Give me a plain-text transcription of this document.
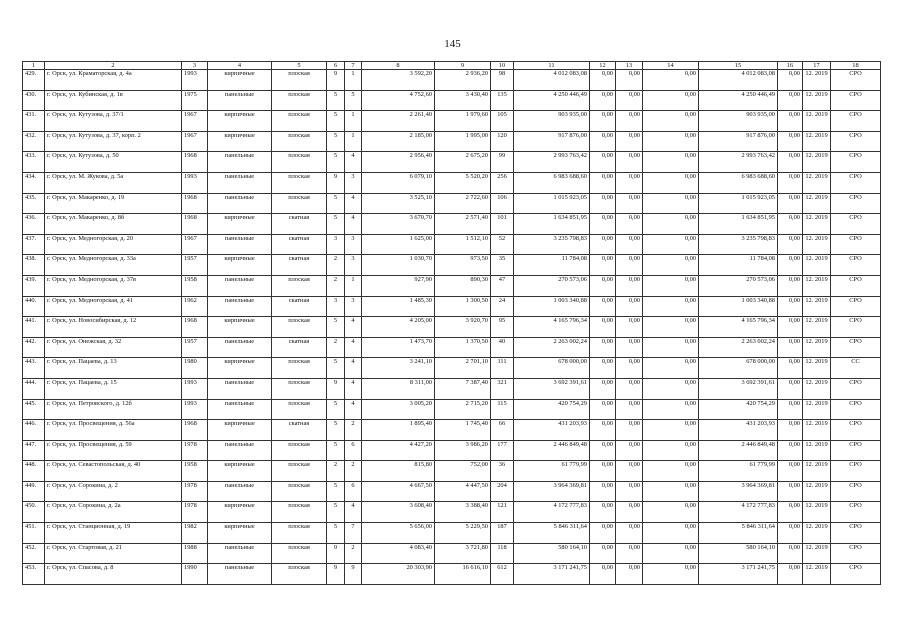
145
1	2	3	4	5	6	7	8	9	10	11	12	13	14	15	16	17	18
429.	г. Орск, ул. Краматорская, д. 4а	1993	кирпичные	плоская	9	1	3 592,20	2 936,20	98	4 012 083,08	0,00	0,00	0,00	4 012 083,08	0,00	12. 2019	СРО
430.	г. Орск, ул. Кубинская, д. 1в	1975	панельные	плоская	5	5	4 752,60	3 430,40	135	4 250 446,49	0,00	0,00	0,00	4 250 446,49	0,00	12. 2019	СРО
431.	г. Орск, ул. Кутузова, д. 37/1	1967	кирпичные	плоская	5	1	2 261,40	1 979,60	105	903 935,00	0,00	0,00	0,00	903 935,00	0,00	12. 2019	СРО
432.	г. Орск, ул. Кутузова, д. 37, корп. 2	1967	кирпичные	плоская	5	1	2 185,00	1 995,00	120	917 876,00	0,00	0,00	0,00	917 876,00	0,00	12. 2019	СРО
433.	г. Орск, ул. Кутузова, д. 50	1968	панельные	плоская	5	4	2 956,40	2 675,20	99	2 993 763,42	0,00	0,00	0,00	2 993 763,42	0,00	12. 2019	СРО
434.	г. Орск, ул. М. Жукова, д. 5а	1993	панельные	плоская	9	3	6 079,10	5 520,20	256	6 983 688,60	0,00	0,00	0,00	6 983 688,60	0,00	12. 2019	СРО
435.	г. Орск, ул. Макаренко, д. 19	1968	панельные	плоская	5	4	3 525,10	2 722,60	106	1 015 923,05	0,00	0,00	0,00	1 015 923,05	0,00	12. 2019	СРО
436.	г. Орск, ул. Макаренко, д. 8б	1968	кирпичные	скатная	5	4	3 670,70	2 571,40	101	1 634 851,95	0,00	0,00	0,00	1 634 851,95	0,00	12. 2019	СРО
437.	г. Орск, ул. Медногорская, д. 20	1967	панельные	скатная	3	3	1 625,00	1 512,10	52	3 235 798,83	0,00	0,00	0,00	3 235 798,83	0,00	12. 2019	СРО
438.	г. Орск, ул. Медногорская, д. 33а	1957	кирпичные	скатная	2	3	1 030,70	973,50	35	11 784,08	0,00	0,00	0,00	11 784,08	0,00	12. 2019	СРО
439.	г. Орск, ул. Медногорская, д. 37в	1958	панельные	плоская	2	1	927,90	890,30	47	270 573,06	0,00	0,00	0,00	270 573,06	0,00	12. 2019	СРО
440.	г. Орск, ул. Медногорская, д. 41	1962	панельные	скатная	3	3	1 485,30	1 300,50	24	1 003 340,88	0,00	0,00	0,00	1 003 340,88	0,00	12. 2019	СРО
441.	г. Орск, ул. Новосибирская, д. 12	1968	кирпичные	плоская	5	4	4 205,00	3 920,70	95	4 165 796,34	0,00	0,00	0,00	4 165 796,34	0,00	12. 2019	СРО
442.	г. Орск, ул. Онежская, д. 32	1957	панельные	скатная	2	4	1 473,70	1 370,50	40	2 263 002,24	0,00	0,00	0,00	2 263 002,24	0,00	12. 2019	СРО
443.	г. Орск, ул. Пацаева, д. 13	1980	кирпичные	плоская	5	4	3 241,10	2 701,10	111	678 000,00	0,00	0,00	0,00	678 000,00	0,00	12. 2019	СС
444.	г. Орск, ул. Пацаева, д. 15	1993	панельные	плоская	9	4	8 311,00	7 387,40	321	3 692 391,61	0,00	0,00	0,00	3 692 391,61	0,00	12. 2019	СРО
445.	г. Орск, ул. Петровского, д. 12б	1993	панельные	плоская	5	4	3 005,20	2 715,20	115	420 754,29	0,00	0,00	0,00	420 754,29	0,00	12. 2019	СРО
446.	г. Орск, ул. Просвещения, д. 56а	1968	кирпичные	скатная	5	2	1 895,40	1 745,40	66	431 203,93	0,00	0,00	0,00	431 203,93	0,00	12. 2019	СРО
447.	г. Орск, ул. Просвещения, д. 59	1978	панельные	плоская	5	6	4 427,20	3 986,20	177	2 446 849,48	0,00	0,00	0,00	2 446 849,48	0,00	12. 2019	СРО
448.	г. Орск, ул. Севастопольская, д. 40	1958	кирпичные	плоская	2	2	815,80	752,00	36	61 779,99	0,00	0,00	0,00	61 779,99	0,00	12. 2019	СРО
449.	г. Орск, ул. Сорокина, д. 2	1978	панельные	плоская	5	6	4 667,50	4 447,50	204	3 964 369,81	0,00	0,00	0,00	3 964 369,81	0,00	12. 2019	СРО
450.	г. Орск, ул. Сорокина, д. 2а	1978	кирпичные	плоская	5	4	3 608,40	3 388,40	121	4 172 777,83	0,00	0,00	0,00	4 172 777,83	0,00	12. 2019	СРО
451.	г. Орск, ул. Станционная, д. 19	1982	кирпичные	плоская	5	7	5 656,00	5 229,50	187	5 846 311,64	0,00	0,00	0,00	5 846 311,64	0,00	12. 2019	СРО
452.	г. Орск, ул. Стартовая, д. 21	1988	панельные	плоская	9	2	4 083,40	3 721,80	118	580 164,10	0,00	0,00	0,00	580 164,10	0,00	12. 2019	СРО
453.	г. Орск, ул. Спасова, д. 8	1990	панельные	плоская	9	9	20 303,90	16 616,10	612	3 171 241,75	0,00	0,00	0,00	3 171 241,75	0,00	12. 2019	СРО
